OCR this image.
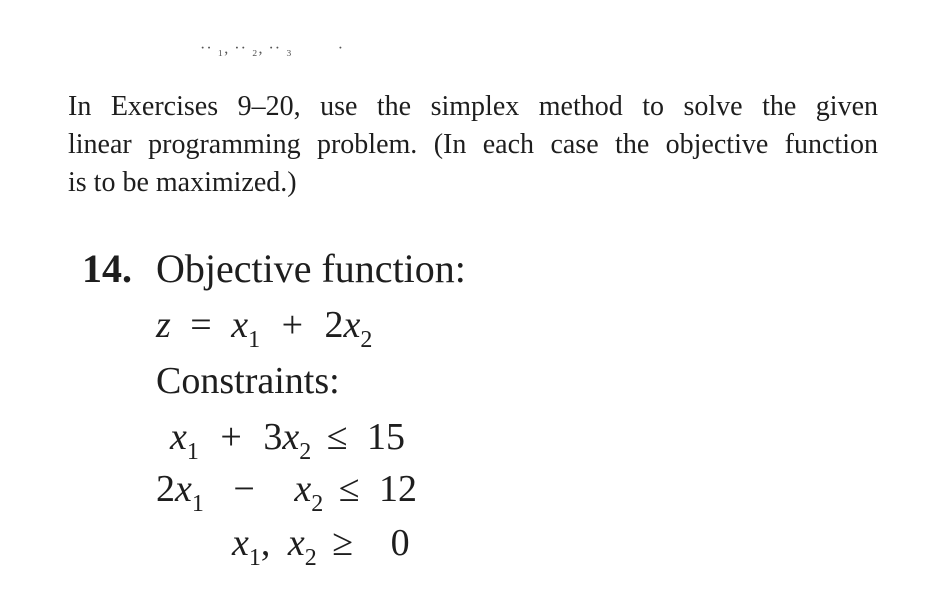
·· ₁, ·· ₂, ·· ₃         ·

In Exercises 9–20, use the simplex method to solve the given
linear programming problem. (In each case the objective function
is to be maximized.)

14. Objective function:
$z = x_1 + 2x_2$
Constraints:
$x_1 + 3x_2 \le 15$
$2x_1 - x_2 \le 12$
$x_1$, $x_2 \ge 0$
